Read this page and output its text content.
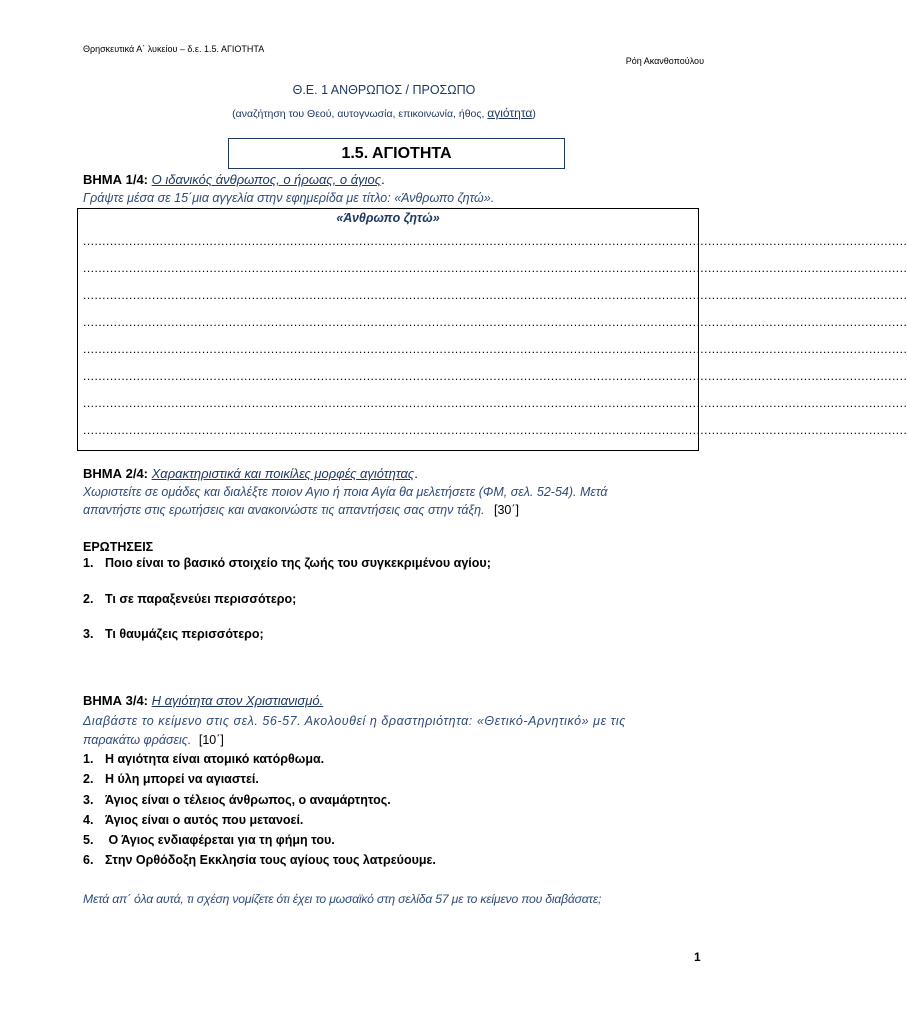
Θρησκευτικά Α΄ λυκείου – δ.ε. 1.5. ΑΓΙΟΤΗΤΑ
Ρόη Ακανθοπούλου
Θ.Ε. 1 ΑΝΘΡΩΠΟΣ / ΠΡΟΣΩΠΟ
(αναζήτηση του Θεού, αυτογνωσία, επικοινωνία, ήθος, αγιότητα)
1.5. ΑΓΙΟΤΗΤΑ
ΒΗΜΑ 1/4: Ο ιδανικός άνθρωπος, ο ήρωας, ο άγιος.
Γράψτε μέσα σε 15΄μια αγγελία στην εφημερίδα με τίτλο: «Άνθρωπο ζητώ».
«Άνθρωπο ζητώ»
.......................................................................................................................................................................................................................
.......................................................................................................................................................................................................................
.......................................................................................................................................................................................................................
.......................................................................................................................................................................................................................
.......................................................................................................................................................................................................................
.......................................................................................................................................................................................................................
.......................................................................................................................................................................................................................
.......................................................................................................................................................................................................................
ΒΗΜΑ 2/4: Χαρακτηριστικά και ποικίλες μορφές αγιότητας.
Χωριστείτε σε ομάδες και διαλέξτε ποιον Αγιο ή ποια Αγία θα μελετήσετε (ΦΜ, σελ. 52-54). Μετά
απαντήστε στις ερωτήσεις και ανακοινώστε τις απαντήσεις σας στην τάξη. [30΄]
ΕΡΩΤΗΣΕΙΣ
1. Ποιο είναι το βασικό στοιχείο της ζωής του συγκεκριμένου αγίου;
2. Τι σε παραξενεύει περισσότερο;
3. Τι θαυμάζεις περισσότερο;
ΒΗΜΑ 3/4: Η αγιότητα στον Χριστιανισμό.
Διαβάστε το κείμενο στις σελ. 56-57. Ακολουθεί η δραστηριότητα: «Θετικό-Αρνητικό» με τις
παρακάτω φράσεις. [10΄]
1. Η αγιότητα είναι ατομικό κατόρθωμα.
2. Η ύλη μπορεί να αγιαστεί.
3. Άγιος είναι ο τέλειος άνθρωπος, ο αναμάρτητος.
4. Άγιος είναι ο αυτός που μετανοεί.
5. Ο Άγιος ενδιαφέρεται για τη φήμη του.
6. Στην Ορθόδοξη Εκκλησία τους αγίους τους λατρεύουμε.
Μετά απ΄ όλα αυτά, τι σχέση νομίζετε ότι έχει το μωσαϊκό στη σελίδα 57 με το κείμενο που διαβάσατε;
1
